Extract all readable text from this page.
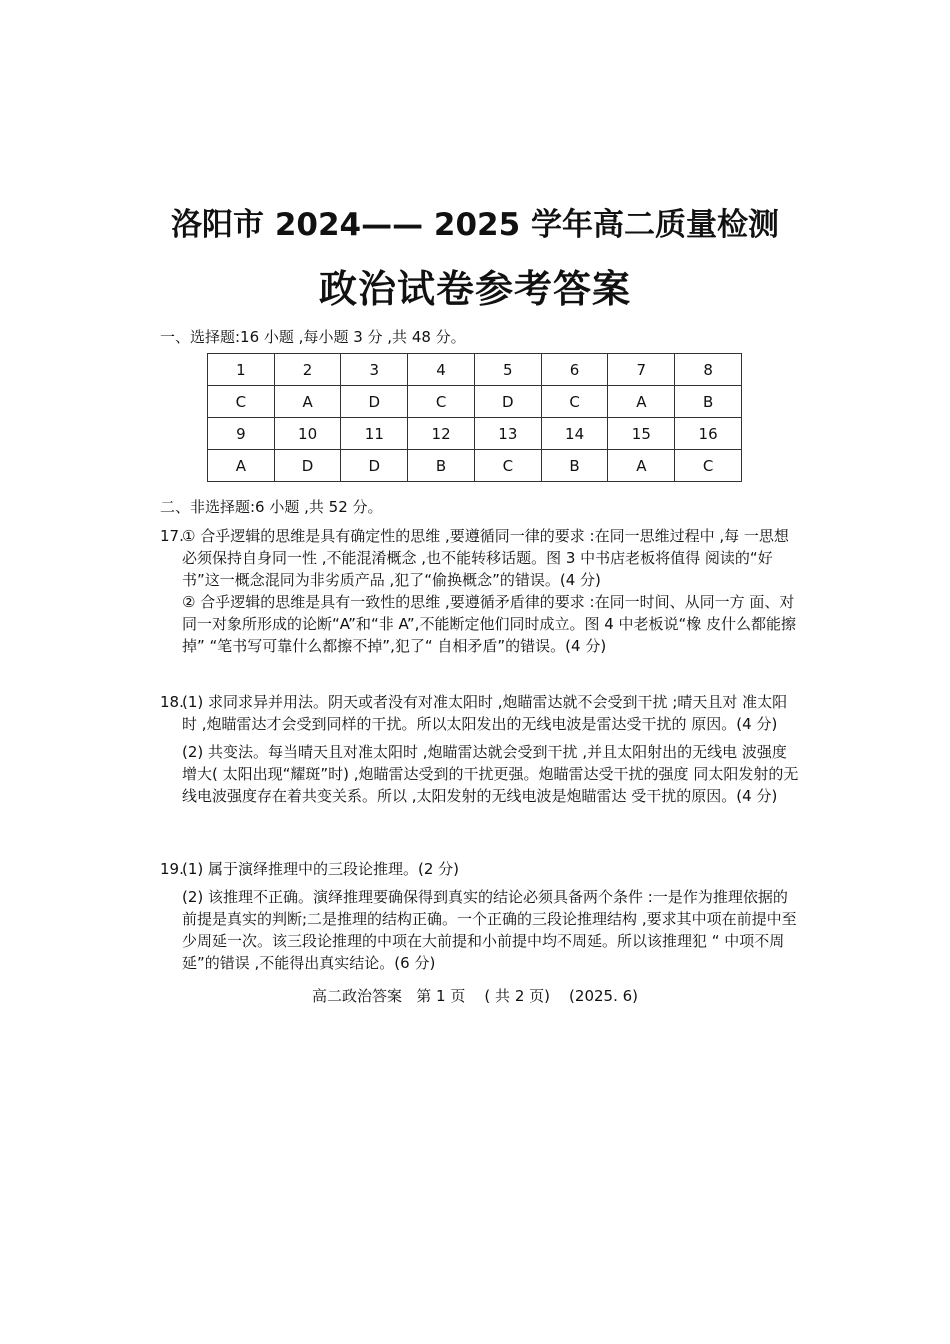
洛阳市 2024—— 2025 学年高二质量检测
政治试卷参考答案
一、选择题:16 小题 ,每小题 3 分 ,共 48 分。
1	2	3	4	5	6	7	8
C	A	D	C	D	C	A	B
9	10	11	12	13	14	15	16
A	D	D	B	C	B	A	C
二、非选择题:6 小题 ,共 52 分。
17.

① 合乎逻辑的思维是具有确定性的思维 ,要遵循同一律的要求 :在同一思维过程中 ,每 一思想必须保持自身同一性 ,不能混淆概念 ,也不能转移话题。图 3 中书店老板将值得 阅读的“好书”这一概念混同为非劣质产品 ,犯了“偷换概念”的错误。(4 分)

② 合乎逻辑的思维是具有一致性的思维 ,要遵循矛盾律的要求 :在同一时间、从同一方 面、对同一对象所形成的论断“A”和“非 A”,不能断定他们同时成立。图 4 中老板说“橡 皮什么都能擦掉” “笔书写可靠什么都擦不掉”,犯了“ 自相矛盾”的错误。(4 分)

18.

(1) 求同求异并用法。阴天或者没有对准太阳时 ,炮瞄雷达就不会受到干扰 ;晴天且对 准太阳时 ,炮瞄雷达才会受到同样的干扰。所以太阳发出的无线电波是雷达受干扰的 原因。(4 分)

(2) 共变法。每当晴天且对准太阳时 ,炮瞄雷达就会受到干扰 ,并且太阳射出的无线电 波强度增大( 太阳出现“耀斑”时) ,炮瞄雷达受到的干扰更强。炮瞄雷达受干扰的强度 同太阳发射的无线电波强度存在着共变关系。所以 ,太阳发射的无线电波是炮瞄雷达 受干扰的原因。(4 分)

19.

(1) 属于演绎推理中的三段论推理。(2 分)

(2) 该推理不正确。演绎推理要确保得到真实的结论必须具备两个条件 :一是作为推理依据的前提是真实的判断;二是推理的结构正确。一个正确的三段论推理结构 ,要求其中项在前提中至少周延一次。该三段论推理的中项在大前提和小前提中均不周延。所以该推理犯 “ 中项不周延”的错误 ,不能得出真实结论。(6 分)

高二政治答案   第 1 页    ( 共 2 页)    (2025. 6)
